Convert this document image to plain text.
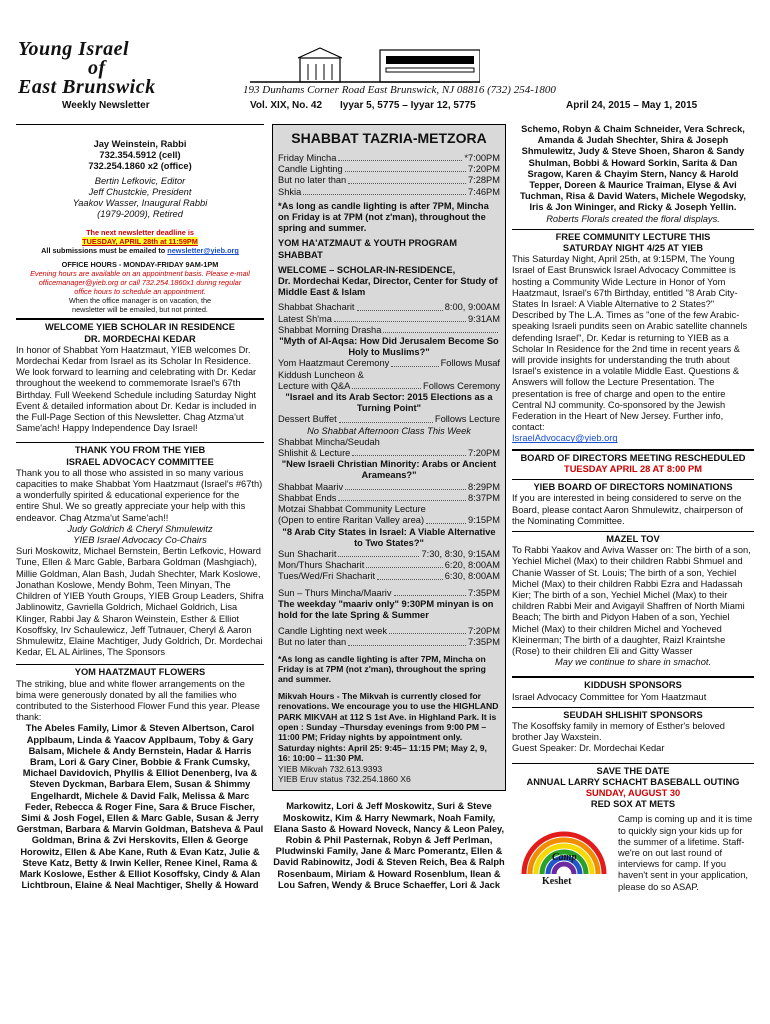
Young Israel
of
East Brunswick	193 Dunhams Corner Road East Brunswick, NJ 08816 (732) 254-1800
Weekly Newsletter	Vol. XIX, No. 42 Iyyar 5, 5775 – Iyyar 12, 5775	April 24, 2015 – May 1, 2015
Jay Weinstein, Rabbi
732.354.5912 (cell)
732.254.1860 x2 (office)
Bertin Lefkovic, Editor
Jeff Chustckie, President
Yaakov Wasser, Inaugural Rabbi
(1979-2009), Retired
The next newsletter deadline is
TUESDAY, APRIL 28th at 11:59PM
All submissions must be emailed to newsletter@yieb.org
OFFICE HOURS - MONDAY-FRIDAY 9AM-1PM
Evening hours are available on an appointment basis. Please e-mail
officemanager@yieb.org or call 732.254.1860x1 during regular
office hours to schedule an appointment.
When the office manager is on vacation, the
newsletter will be emailed, but not printed.
WELCOME YIEB SCHOLAR IN RESIDENCE
DR. MORDECHAI KEDAR
In honor of Shabbat Yom Haatzmaut, YIEB welcomes Dr. Mordechai Kedar from Israel as its Scholar In Residence. We look forward to learning and celebrating with Dr. Kedar throughout the weekend to commemorate Israel's 67th Birthday. Full Weekend Schedule including Saturday Night Event & detailed information about Dr. Kedar is included in the Full-Page Section of this Newsletter. Chag Atzma'ut Same'ach! Happy Independence Day Israel!
THANK YOU FROM THE YIEB
ISRAEL ADVOCACY COMMITTEE
Thank you to all those who assisted in so many various capacities to make Shabbat Yom Haatzmaut (Israel's #67th) a wonderfully spirited & educational experience for the entire Shul. We so greatly appreciate your help with this endeavor. Chag Atzma'ut Same'ach!!
Judy Goldrich & Cheryl Shmulewitz
YIEB Israel Advocacy Co-Chairs
Suri Moskowitz, Michael Bernstein, Bertin Lefkovic, Howard Tune, Ellen & Marc Gable, Barbara Goldman (Mashgiach), Millie Goldman, Alan Bash, Judah Shechter, Mark Koslowe, Jonathan Koslowe, Mendy Bohm, Teen Minyan, The Children of YIEB Youth Groups, YIEB Group Leaders, Shifra Jablinowitz, Gavriella Goldrich, Michael Goldrich, Lisa Klinger, Rabbi Jay & Sharon Weinstein, Esther & Elliot Kosoffsky, Irv Schaulewicz, Jeff Tutnauer, Cheryl & Aaron Shmulewitz, Elaine Machtiger, Judy Goldrich, Dr. Mordechai Kedar, EL AL Airlines, The Sponsors
YOM HAATZMAUT FLOWERS
The striking, blue and white flower arrangements on the bima were generously donated by all the families who contributed to the Sisterhood Flower Fund this year. Please thank:
The Abeles Family, Limor & Steven Albertson, Carol Applbaum, Linda & Yaacov Applbaum, Toby & Gary Balsam, Michele & Andy Bernstein, Hadar & Harris Bram, Lori & Gary Ciner, Bobbie & Frank Cumsky, Michael Davidovich, Phyllis & Elliot Denenberg, Iva & Steven Dyckman, Barbara Elem, Susan & Shimmy Engelhardt, Michele & David Falk, Melissa & Marc Feder, Rebecca & Roger Fine, Sara & Bruce Fischer, Simi & Josh Fogel, Ellen & Marc Gable, Susan & Jerry Gerstman, Barbara & Marvin Goldman, Batsheva & Paul Goldman, Brina & Zvi Herskovits, Ellen & George Horowitz, Ellen & Abe Kane, Ruth & Evan Katz, Julie & Steve Katz, Betty & Irwin Keller, Renee Kinel, Rama & Mark Koslowe, Esther & Elliot Kosoffsky, Cindy & Alan Lichtbroun, Elaine & Neal Machtiger, Shelly & Howard
SHABBAT TAZRIA-METZORA
Friday Mincha	*7:00PM
Candle Lighting	7:20PM
But no later than	7:28PM
Shkia	7:46PM
*As long as candle lighting is after 7PM, Mincha on Friday is at 7PM (not z'man), throughout the spring and summer.
YOM HA'ATZMAUT & YOUTH PROGRAM
SHABBAT
WELCOME – SCHOLAR-IN-RESIDENCE,
Dr. Mordechai Kedar, Director, Center for Study of Middle East & Islam
Shabbat Shacharit	8:00, 9:00AM
Latest Sh'ma	9:31AM
Shabbat Morning Drasha
"Myth of Al-Aqsa: How Did Jerusalem Become So Holy to Muslims?"
Yom Haatzmaut Ceremony	Follows Musaf
Kiddush Luncheon &
Lecture with Q&A	Follows Ceremony
"Israel and its Arab Sector: 2015 Elections as a Turning Point"
Dessert Buffet	Follows Lecture
No Shabbat Afternoon Class This Week
Shabbat Mincha/Seudah
Shlishit & Lecture	7:20PM
"New Israeli Christian Minority: Arabs or Ancient Arameans?"
Shabbat Maariv	8:29PM
Shabbat Ends	8:37PM
Motzai Shabbat Community Lecture
(Open to entire Raritan Valley area)	9:15PM
"8 Arab City States in Israel: A Viable Alternative to Two States?"
Sun Shacharit	7:30, 8:30, 9:15AM
Mon/Thurs Shacharit	6:20, 8:00AM
Tues/Wed/Fri Shacharit	6:30, 8:00AM
Sun – Thurs Mincha/Maariv	7:35PM
The weekday "maariv only" 9:30PM minyan is on hold for the late Spring & Summer
Candle Lighting next week	7:20PM
But no later than	7:35PM
*As long as candle lighting is after 7PM, Mincha on Friday is at 7PM (not z'man), throughout the spring and summer.
Mikvah Hours - The Mikvah is currently closed for renovations. We encourage you to use the HIGHLAND PARK MIKVAH at 112 S 1st Ave. in Highland Park. It is open : Sunday –Thursday evenings from 9:00 PM – 11:00 PM; Friday nights by appointment only. Saturday nights: April 25: 9:45– 11:15 PM; May 2, 9, 16: 10:00 – 11:30 PM.
YIEB Mikvah 732.613.9393
YIEB Eruv status 732.254.1860 X6
Markowitz, Lori & Jeff Moskowitz, Suri & Steve Moskowitz, Kim & Harry Newmark, Noah Family, Elana Sasto & Howard Noveck, Nancy & Leon Paley, Robin & Phil Pasternak, Robyn & Jeff Perlman, Pludwinski Family, Jane & Marc Pomerantz, Ellen & David Rabinowitz, Jodi & Steven Reich, Bea & Ralph Rosenbaum, Miriam & Howard Rosenblum, Ilean & Lou Safren, Wendy & Bruce Schaeffer, Lori & Jack
Schemo, Robyn & Chaim Schneider, Vera Schreck, Amanda & Judah Shechter, Shira & Joseph Shmulewitz, Judy & Steve Shoen, Sharon & Sandy Shulman, Bobbi & Howard Sorkin, Sarita & Dan Sragow, Karen & Chayim Stern, Nancy & Harold Tepper, Doreen & Maurice Traiman, Elyse & Avi Tuchman, Risa & David Waters, Michele Wegodsky, Iris & Jon Wininger, and Ricky & Joseph Yellin.
Roberts Florals created the floral displays.
FREE COMMUNITY LECTURE THIS
SATURDAY NIGHT 4/25 AT YIEB
This Saturday Night, April 25th, at 9:15PM, The Young Israel of East Brunswick Israel Advocacy Committee is hosting a Community Wide Lecture in Honor of Yom Haatzmaut, Israel's 67th Birthday, entitled "8 Arab City-States In Israel: A Viable Alternative to 2 States?" Described by The L.A. Times as "one of the few Arabic-speaking Israeli pundits seen on Arabic satellite channels defending Israel", Dr. Kedar is returning to YIEB as a Scholar In Residence for the 2nd time in recent years & will provide insights for understanding the truth about Israel's existence in a volatile Middle East. Questions & Answers will follow the Lecture Presentation. The presentation is free of charge and open to the entire Central NJ community. Co-sponsored by the Jewish Federation in the Heart of New Jersey. Further info, contact:
IsraelAdvocacy@yieb.org
BOARD OF DIRECTORS MEETING RESCHEDULED
TUESDAY APRIL 28 AT 8:00 PM
YIEB BOARD OF DIRECTORS NOMINATIONS
If you are interested in being considered to serve on the Board, please contact Aaron Shmulewitz, chairperson of the Nominating Committee.
MAZEL TOV
To Rabbi Yaakov and Aviva Wasser on: The birth of a son, Yechiel Michel (Max) to their children Rabbi Shmuel and Chanie Wasser of St. Louis; The birth of a son, Yechiel Michel (Max) to their children Rabbi Ezra and Hadassah Kier; The birth of a son, Yechiel Michel (Max) to their children Rabbi Meir and Avigayil Shaffren of North Miami Beach; The birth and Pidyon Haben of a son, Yechiel Michel (Max) to their children Michel and Yocheved Kleinerman; The birth of a daughter, Raizl Kraintshe (Rose) to their children Eli and Gitty Wasser
May we continue to share in smachot.
KIDDUSH SPONSORS
Israel Advocacy Committee for Yom Haatzmaut
SEUDAH SHLISHIT SPONSORS
The Kosoffsky family in memory of Esther's beloved brother Jay Waxstein.
Guest Speaker: Dr. Mordechai Kedar
SAVE THE DATE
ANNUAL LARRY SCHACHT BASEBALL OUTING
SUNDAY, AUGUST 30
RED SOX AT METS
Camp
Keshet
Camp is coming up and it is time to quickly sign your kids up for the summer of a lifetime. Staff- we're on out last round of interviews for camp. If you haven't sent in your application, please do so ASAP.
